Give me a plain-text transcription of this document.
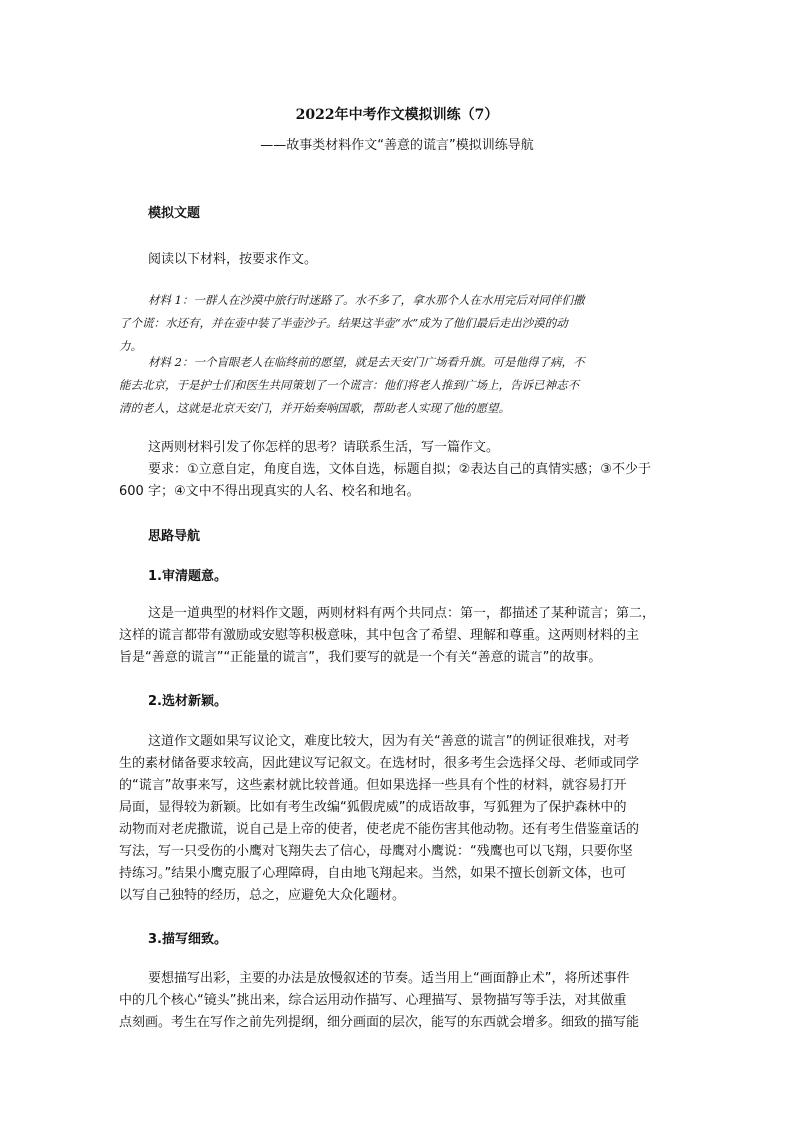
2022年中考作文模拟训练（7）
——故事类材料作文“善意的谎言”模拟训练导航
模拟文题
阅读以下材料，按要求作文。
材料 1：一群人在沙漠中旅行时迷路了。水不多了，拿水那个人在水用完后对同伴们撒
了个谎：水还有，并在壶中装了半壶沙子。结果这半壶“水”成为了他们最后走出沙漠的动
力。
材料 2：一个盲眼老人在临终前的愿望，就是去天安门广场看升旗。可是他得了病，不
能去北京，于是护士们和医生共同策划了一个谎言：他们将老人推到广场上，告诉已神志不
清的老人，这就是北京天安门，并开始奏响国歌，帮助老人实现了他的愿望。
这两则材料引发了你怎样的思考？请联系生活，写一篇作文。
要求：①立意自定，角度自选，文体自选，标题自拟；②表达自己的真情实感；③不少于
600 字；④文中不得出现真实的人名、校名和地名。
思路导航
1.审清题意。
这是一道典型的材料作文题，两则材料有两个共同点：第一，都描述了某种谎言；第二，
这样的谎言都带有激励或安慰等积极意味，其中包含了希望、理解和尊重。这两则材料的主
旨是“善意的谎言”“正能量的谎言”，我们要写的就是一个有关“善意的谎言”的故事。
2.选材新颖。
这道作文题如果写议论文，难度比较大，因为有关“善意的谎言”的例证很难找，对考
生的素材储备要求较高，因此建议写记叙文。在选材时，很多考生会选择父母、老师或同学
的“谎言”故事来写，这些素材就比较普通。但如果选择一些具有个性的材料，就容易打开
局面，显得较为新颖。比如有考生改编“狐假虎威”的成语故事，写狐狸为了保护森林中的
动物而对老虎撒谎，说自己是上帝的使者，使老虎不能伤害其他动物。还有考生借鉴童话的
写法，写一只受伤的小鹰对飞翔失去了信心，母鹰对小鹰说：“残鹰也可以飞翔，只要你坚
持练习。”结果小鹰克服了心理障碍，自由地飞翔起来。当然，如果不擅长创新文体，也可
以写自己独特的经历，总之，应避免大众化题材。
3.描写细致。
要想描写出彩，主要的办法是放慢叙述的节奏。适当用上“画面静止术”，将所述事件
中的几个核心“镜头”挑出来，综合运用动作描写、心理描写、景物描写等手法，对其做重
点刻画。考生在写作之前先列提纲，细分画面的层次，能写的东西就会增多。细致的描写能
